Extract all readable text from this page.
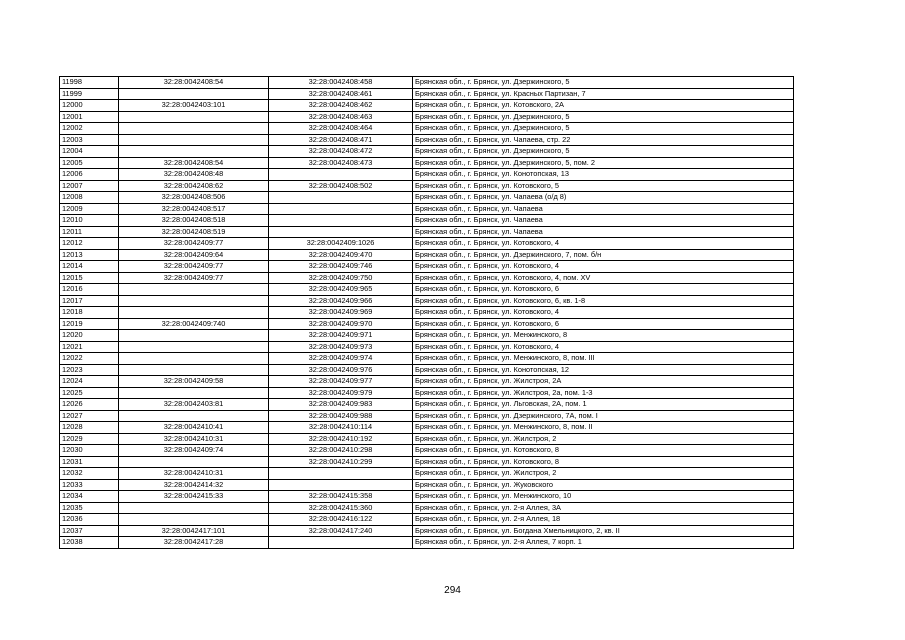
11998	32:28:0042408:54	32:28:0042408:458	Брянская обл., г. Брянск, ул. Дзержинского, 5
11999		32:28:0042408:461	Брянская обл., г. Брянск, ул. Красных Партизан, 7
12000	32:28:0042403:101	32:28:0042408:462	Брянская обл., г. Брянск, ул. Котовского, 2А
12001		32:28:0042408:463	Брянская обл., г. Брянск, ул. Дзержинского, 5
12002		32:28:0042408:464	Брянская обл., г. Брянск, ул. Дзержинского, 5
12003		32:28:0042408:471	Брянская обл., г. Брянск, ул. Чапаева, стр. 22
12004		32:28:0042408:472	Брянская обл., г. Брянск, ул. Дзержинского, 5
12005	32:28:0042408:54	32:28:0042408:473	Брянская обл., г. Брянск, ул. Дзержинского, 5, пом. 2
12006	32:28:0042408:48		Брянская обл., г. Брянск, ул. Конотопская, 13
12007	32:28:0042408:62	32:28:0042408:502	Брянская обл., г. Брянск, ул. Котовского, 5
12008	32:28:0042408:506		Брянская обл., г. Брянск, ул. Чапаева (о/д 8)
12009	32:28:0042408:517		Брянская обл., г. Брянск, ул. Чапаева
12010	32:28:0042408:518		Брянская обл., г. Брянск, ул. Чапаева
12011	32:28:0042408:519		Брянская обл., г. Брянск, ул. Чапаева
12012	32:28:0042409:77	32:28:0042409:1026	Брянская обл., г. Брянск, ул. Котовского, 4
12013	32:28:0042409:64	32:28:0042409:470	Брянская обл., г. Брянск, ул. Дзержинского, 7, пом. б/н
12014	32:28:0042409:77	32:28:0042409:746	Брянская обл., г. Брянск, ул. Котовского, 4
12015	32:28:0042409:77	32:28:0042409:750	Брянская обл., г. Брянск, ул. Котовского, 4, пом. XV
12016		32:28:0042409:965	Брянская обл., г. Брянск, ул. Котовского, 6
12017		32:28:0042409:966	Брянская обл., г. Брянск, ул. Котовского, 6, кв. 1-8
12018		32:28:0042409:969	Брянская обл., г. Брянск, ул. Котовского, 4
12019	32:28:0042409:740	32:28:0042409:970	Брянская обл., г. Брянск, ул. Котовского, 6
12020		32:28:0042409:971	Брянская обл., г. Брянск, ул. Менжинского, 8
12021		32:28:0042409:973	Брянская обл., г. Брянск, ул. Котовского, 4
12022		32:28:0042409:974	Брянская обл., г. Брянск, ул. Менжинского, 8, пом. III
12023		32:28:0042409:976	Брянская обл., г. Брянск, ул. Конотопская, 12
12024	32:28:0042409:58	32:28:0042409:977	Брянская обл., г. Брянск, ул. Жилстроя, 2А
12025		32:28:0042409:979	Брянская обл., г. Брянск, ул. Жилстроя, 2а, пом. 1-3
12026	32:28:0042403:81	32:28:0042409:983	Брянская обл., г. Брянск, ул. Льговская, 2А, пом. 1
12027		32:28:0042409:988	Брянская обл., г. Брянск, ул. Дзержинского, 7А, пом. I
12028	32:28:0042410:41	32:28:0042410:114	Брянская обл., г. Брянск, ул. Менжинского, 8, пом. II
12029	32:28:0042410:31	32:28:0042410:192	Брянская обл., г. Брянск, ул. Жилстроя, 2
12030	32:28:0042409:74	32:28:0042410:298	Брянская обл., г. Брянск, ул. Котовского, 8
12031		32:28:0042410:299	Брянская обл., г. Брянск, ул. Котовского, 8
12032	32:28:0042410:31		Брянская обл., г. Брянск, ул. Жилстроя, 2
12033	32:28:0042414:32		Брянская обл., г. Брянск, ул. Жуковского
12034	32:28:0042415:33	32:28:0042415:358	Брянская обл., г. Брянск, ул. Менжинского, 10
12035		32:28:0042415:360	Брянская обл., г. Брянск, ул. 2-я Аллея, 3А
12036		32:28:0042416:122	Брянская обл., г. Брянск, ул. 2-я Аллея, 18
12037	32:28:0042417:101	32:28:0042417:240	Брянская обл., г. Брянск, ул. Богдана Хмельницкого, 2, кв. II
12038	32:28:0042417:28		Брянская обл., г. Брянск, ул. 2-я Аллея, 7 корп. 1
294
